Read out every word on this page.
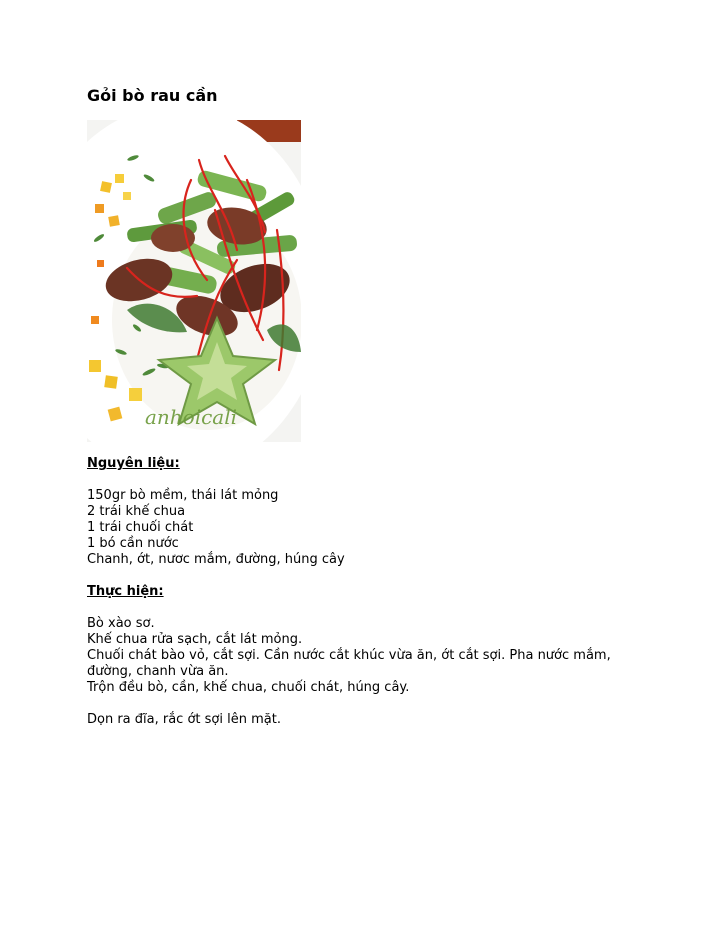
Gỏi bò rau cần
anhoicali
Nguyên liệu:
150gr bò mềm, thái lát mỏng
2 trái khế chua
1 trái chuối chát
1 bó cần nước
Chanh, ớt, nươc mắm, đường, húng cây
Thực hiện:
Bò xào sơ.
Khế chua rửa sạch, cắt lát mỏng.
Chuối chát bào vỏ, cắt sợi. Cần nước cắt khúc vừa ăn, ớt cắt sợi. Pha nước mắm, đường, chanh vừa ăn.
Trộn đều bò, cần, khế chua, chuối chát, húng cây.
Dọn ra đĩa, rắc ớt sợi lên mặt.
